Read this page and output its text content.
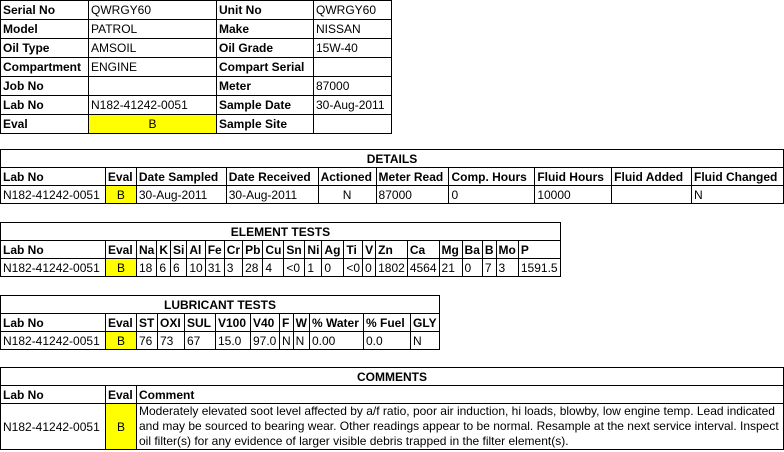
Serial No	QWRGY60	Unit No	QWRGY60
Model	PATROL	Make	NISSAN
Oil Type	AMSOIL	Oil Grade	15W-40
Compartment	ENGINE	Compart Serial	
Job No		Meter	87000
Lab No	N182-41242-0051	Sample Date	30-Aug-2011
Eval	B	Sample Site	
DETAILS									
Lab No	Eval	Date Sampled	Date Received	Actioned	Meter Read	Comp. Hours	Fluid Hours	Fluid Added	Fluid Changed
N182-41242-0051	B	30-Aug-2011	30-Aug-2011	N	87000	0	10000		N
ELEMENT TESTS																					
Lab No	Eval	Na	K	Si	Al	Fe	Cr	Pb	Cu	Sn	Ni	Ag	Ti	V	Zn	Ca	Mg	Ba	B	Mo	P
N182-41242-0051	B	18	6	6	10	31	3	28	4	<0	1	0	<0	0	1802	4564	21	0	7	3	1591.5
LUBRICANT TESTS											
Lab No	Eval	ST	OXI	SUL	V100	V40	F	W	% Water	% Fuel	GLY
N182-41242-0051	B	76	73	67	15.0	97.0	N	N	0.00	0.0	N
COMMENTS		
Lab No	Eval	Comment
N182-41242-0051	B	Moderately elevated soot level affected by a/f ratio, poor air induction, hi loads, blowby, low engine temp. Lead indicated and may be sourced to bearing wear. Other readings appear to be normal. Resample at the next service interval. Inspect oil filter(s) for any evidence of larger visible debris trapped in the filter element(s).
